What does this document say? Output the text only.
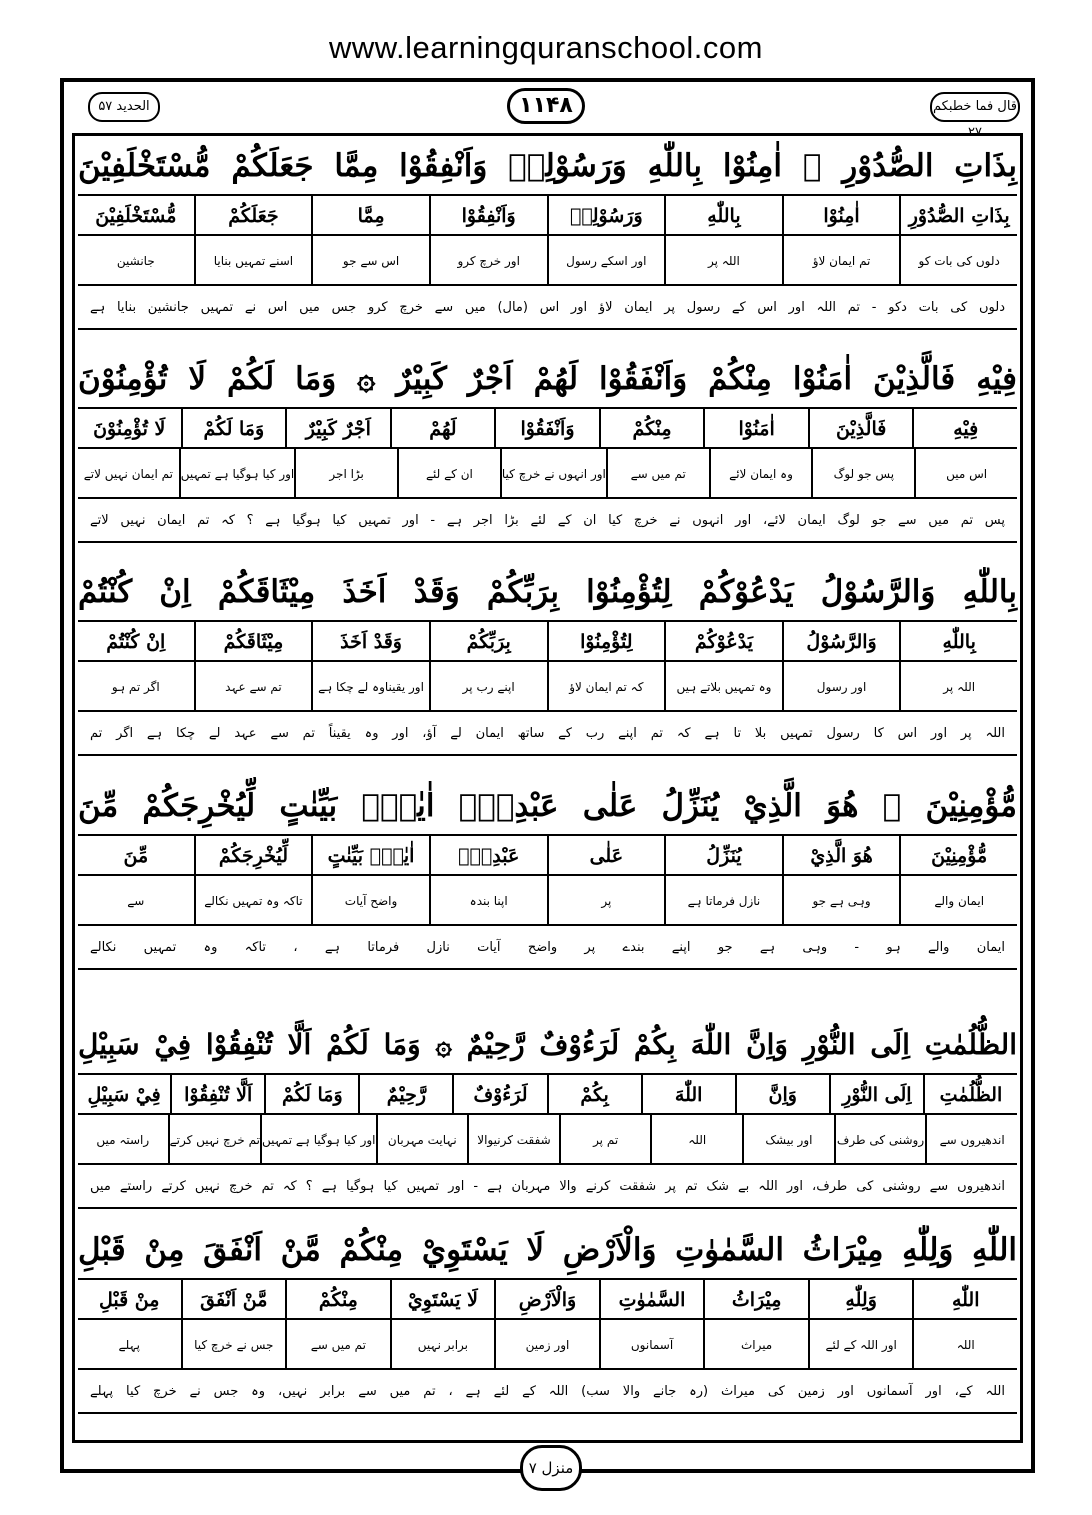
www.learningquranschool.com
الحدید ۵۷	۱۱۴۸	قال فما خطبکم ۲۷
بِذَاتِ الصُّدُوْرِ ۞ اٰمِنُوْا بِاللّٰهِ وَرَسُوْلِهٖ وَاَنْفِقُوْا مِمَّا جَعَلَكُمْ مُّسْتَخْلَفِيْنَ
بِذَاتِ الصُّدُوْرِ
اٰمِنُوْا
بِاللّٰهِ
وَرَسُوْلِهٖ
وَاَنْفِقُوْا
مِمَّا
جَعَلَكُمْ
مُّسْتَخْلَفِيْنَ
دلوں کی بات کو
تم ایمان لاؤ
اللہ پر
اور اسکے رسول
اور خرچ کرو
اس سے جو
اسنے تمہیں بنایا
جانشین
دلوں کی بات دکو - تم اللہ اور اس کے رسول پر ایمان لاؤ اور اس (مال) میں سے خرچ کرو جس میں اس نے تمہیں جانشین بنایا ہے
فِيْهِ فَالَّذِيْنَ اٰمَنُوْا مِنْكُمْ وَاَنْفَقُوْا لَهُمْ اَجْرٌ كَبِيْرٌ ۞ وَمَا لَكُمْ لَا تُؤْمِنُوْنَ
فِيْهِ
فَالَّذِيْنَ
اٰمَنُوْا
مِنْكُمْ
وَاَنْفَقُوْا
لَهُمْ
اَجْرٌ كَبِيْرٌ
وَمَا لَكُمْ
لَا تُؤْمِنُوْنَ
اس میں
پس جو لوگ
وہ ایمان لائے
تم میں سے
اور انہوں نے خرچ کیا
ان کے لئے
بڑا اجر
اور کیا ہوگیا ہے تمہیں
تم ایمان نہیں لاتے
پس تم میں سے جو لوگ ایمان لائے، اور انہوں نے خرچ کیا ان کے لئے بڑا اجر ہے - اور تمہیں کیا ہوگیا ہے ؟ کہ تم ایمان نہیں لاتے
بِاللّٰهِ وَالرَّسُوْلُ يَدْعُوْكُمْ لِتُؤْمِنُوْا بِرَبِّكُمْ وَقَدْ اَخَذَ مِيْثَاقَكُمْ اِنْ كُنْتُمْ
بِاللّٰهِ
وَالرَّسُوْلُ
يَدْعُوْكُمْ
لِتُؤْمِنُوْا
بِرَبِّكُمْ
وَقَدْ اَخَذَ
مِيْثَاقَكُمْ
اِنْ كُنْتُمْ
اللہ پر
اور رسول
وہ تمہیں بلاتے ہیں
کہ تم ایمان لاؤ
اپنے رب پر
اور یقیناوہ لے چکا ہے
تم سے عہد
اگر تم ہو
اللہ پر اور اس کا رسول تمہیں بلا تا ہے کہ تم اپنے رب کے ساتھ ایمان لے آؤ، اور وہ یقیناً تم سے عہد لے چکا ہے اگر تم
مُّؤْمِنِيْنَ ۞ هُوَ الَّذِيْ يُنَزِّلُ عَلٰى عَبْدِهٖٓ اٰيٰتٍۭ بَيِّنٰتٍ لِّيُخْرِجَكُمْ مِّنَ
مُّؤْمِنِيْنَ
هُوَ الَّذِيْ
يُنَزِّلُ
عَلٰى
عَبْدِهٖٓ
اٰيٰتٍۭ بَيِّنٰتٍ
لِّيُخْرِجَكُمْ
مِّنَ
ایمان والے
وہی ہے جو
نازل فرماتا ہے
پر
اپنا بندہ
واضح آیات
تاکہ وہ تمہیں نکالے
سے
ایمان والے ہو - وہی ہے جو اپنے بندے پر واضح آیات نازل فرماتا ہے ، تاکہ وہ تمہیں نکالے
الظُّلُمٰتِ اِلَى النُّوْرِ وَاِنَّ اللّٰهَ بِكُمْ لَرَءُوْفٌ رَّحِيْمٌ ۞ وَمَا لَكُمْ اَلَّا تُنْفِقُوْا فِيْ سَبِيْلِ
الظُّلُمٰتِ
اِلَى النُّوْرِ
وَاِنَّ
اللّٰهَ
بِكُمْ
لَرَءُوْفٌ
رَّحِيْمٌ
وَمَا لَكُمْ
اَلَّا تُنْفِقُوْا
فِيْ سَبِيْلِ
اندھیروں سے
روشنی کی طرف
اور بیشک
اللہ
تم پر
شفقت کرنیوالا
نہایت مہربان
اور کیا ہوگیا ہے تمہیں
تم خرچ نہیں کرتے
راستہ میں
اندھیروں سے روشنی کی طرف، اور اللہ بے شک تم پر شفقت کرنے والا مہربان ہے - اور تمہیں کیا ہوگیا ہے ؟ کہ تم خرچ نہیں کرتے راستے میں
اللّٰهِ وَلِلّٰهِ مِيْرَاثُ السَّمٰوٰتِ وَالْاَرْضِ لَا يَسْتَوِيْ مِنْكُمْ مَّنْ اَنْفَقَ مِنْ قَبْلِ
اللّٰهِ
وَلِلّٰهِ
مِيْرَاثُ
السَّمٰوٰتِ
وَالْاَرْضِ
لَا يَسْتَوِيْ
مِنْكُمْ
مَّنْ اَنْفَقَ
مِنْ قَبْلِ
اللہ
اور اللہ کے لئے
میراث
آسمانوں
اور زمین
برابر نہیں
تم میں سے
جس نے خرچ کیا
پہلے
اللہ کے، اور آسمانوں اور زمین کی میراث (رہ جانے والا سب) اللہ کے لئے ہے ، تم میں سے برابر نہیں، وہ جس نے خرچ کیا پہلے
منزل ۷
